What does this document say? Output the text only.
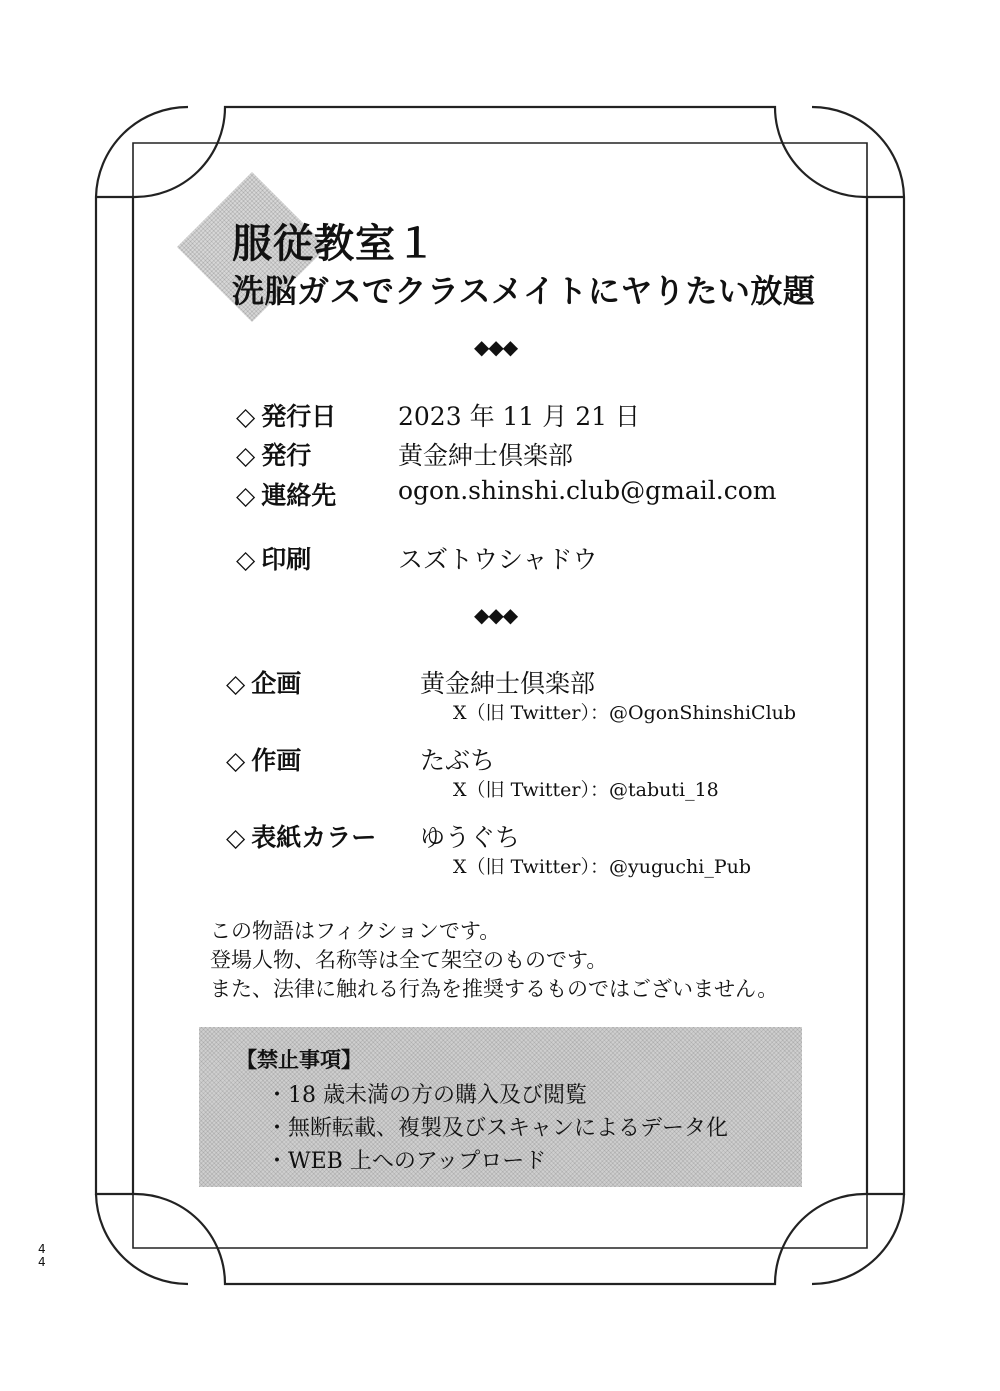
服従教室１
洗脳ガスでクラスメイトにヤりたい放題
◆◆◆
◇ 発行日 2023 年 11 月 21 日
◇ 発行	黄金紳士倶楽部
◇ 連絡先 ogon.shinshi.club@gmail.com
◇ 印刷	スズトウシャドウ
◆◆◆
◇ 企画	黄金紳士倶楽部
X（旧 Twitter）：@OgonShinshiClub
◇ 作画	たぶち
X（旧 Twitter）：@tabuti_18
◇ 表紙カラー ゆうぐち
X（旧 Twitter）：@yuguchi_Pub
この物語はフィクションです。
登場人物、名称等は全て架空のものです。
また、法律に触れる行為を推奨するものではございません。
【禁止事項】
・18 歳未満の方の購入及び閲覧
・無断転載、複製及びスキャンによるデータ化
・WEB 上へのアップロード
44
